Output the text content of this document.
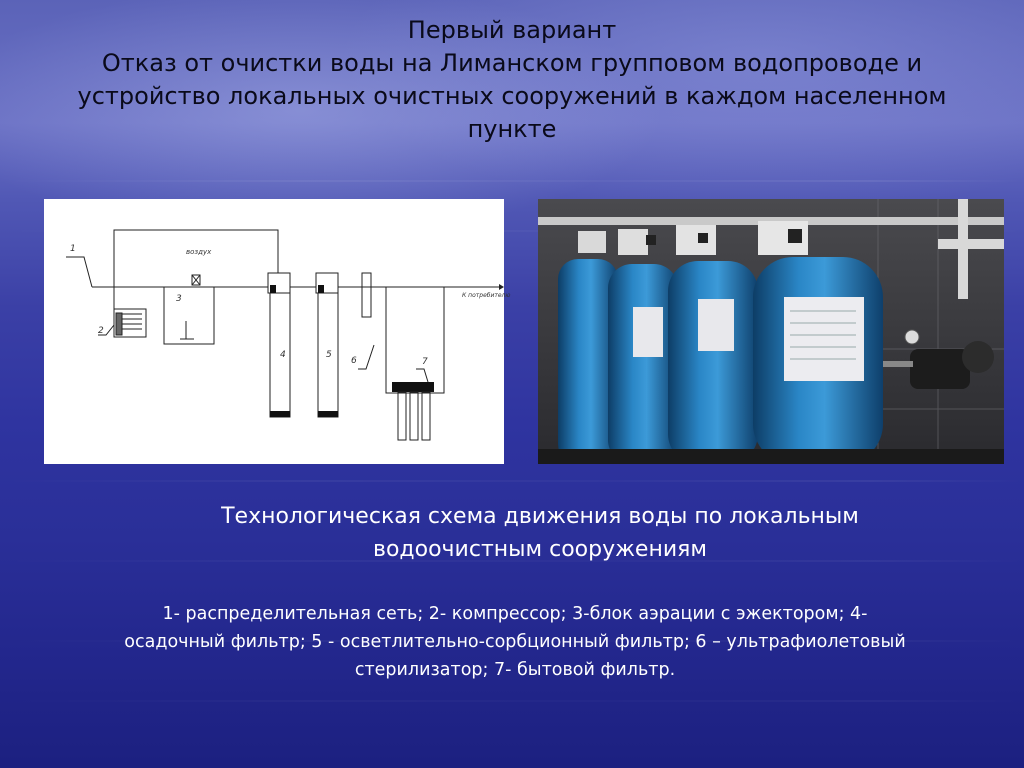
Первый вариант
Отказ от очистки воды на Лиманском групповом водопроводе и устройство локальных очистных сооружений в каждом населенном пункте
1
2
3
4	5
6	7
воздух
К потребителю
Технологическая схема движения воды по локальным водоочистным сооружениям
1- распределительная сеть; 2- компрессор; 3-блок аэрации с эжектором; 4-
осадочный фильтр; 5 - осветлительно-сорбционный фильтр; 6 – ультрафиолетовый
стерилизатор; 7- бытовой фильтр.
